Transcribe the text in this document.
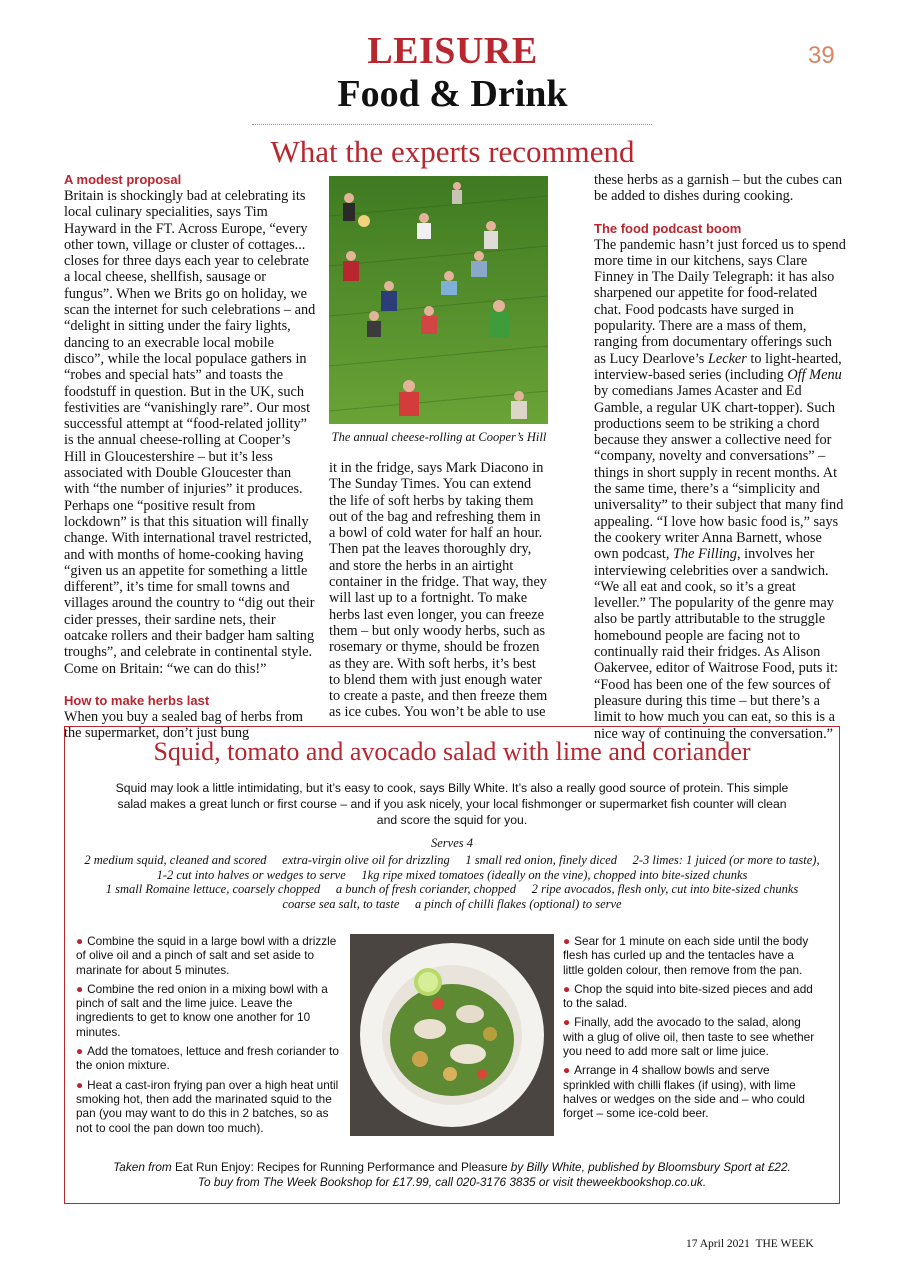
LEISURE
Food & Drink
39
What the experts recommend
A modest proposal

Britain is shockingly bad at celebrating its local culinary specialities, says Tim Hayward in the FT. Across Europe, “every other town, village or cluster of cottages... closes for three days each year to celebrate a local cheese, shellfish, sausage or fungus”. When we Brits go on holiday, we scan the internet for such celebrations – and “delight in sitting under the fairy lights, dancing to an execrable local mobile disco”, while the local populace gathers in “robes and special hats” and toasts the foodstuff in question. But in the UK, such festivities are “vanishingly rare”. Our most successful attempt at “food-related jollity” is the annual cheese-rolling at Cooper’s Hill in Gloucestershire – but it’s less associated with Double Gloucester than with “the number of injuries” it produces. Perhaps one “positive result from lockdown” is that this situation will finally change. With international travel restricted, and with months of home-cooking having “given us an appetite for something a little different”, it’s time for small towns and villages around the country to “dig out their cider presses, their sardine nets, their oatcake rollers and their badger ham salting troughs”, and celebrate in continental style. Come on Britain: “we can do this!”

How to make herbs last

When you buy a sealed bag of herbs from the supermarket, don’t just bung

The annual cheese-rolling at Cooper’s Hill

it in the fridge, says Mark Diacono in The Sunday Times. You can extend the life of soft herbs by taking them out of the bag and refreshing them in a bowl of cold water for half an hour. Then pat the leaves thoroughly dry, and store the herbs in an airtight container in the fridge. That way, they will last up to a fortnight. To make herbs last even longer, you can freeze them – but only woody herbs, such as rosemary or thyme, should be frozen as they are. With soft herbs, it’s best to blend them with just enough water to create a paste, and then freeze them as ice cubes. You won’t be able to use

these herbs as a garnish – but the cubes can be added to dishes during cooking.

The food podcast boom

The pandemic hasn’t just forced us to spend more time in our kitchens, says Clare Finney in The Daily Telegraph: it has also sharpened our appetite for food-related chat. Food podcasts have surged in popularity. There are a mass of them, ranging from documentary offerings such as Lucy Dearlove’s Lecker to light-hearted, interview-based series (including Off Menu by comedians James Acaster and Ed Gamble, a regular UK chart-topper). Such productions seem to be striking a chord because they answer a collective need for “company, novelty and conversations” – things in short supply in recent months. At the same time, there’s a “simplicity and universality” to their subject that many find appealing. “I love how basic food is,” says the cookery writer Anna Barnett, whose own podcast, The Filling, involves her interviewing celebrities over a sandwich. “We all eat and cook, so it’s a great leveller.” The popularity of the genre may also be partly attributable to the struggle homebound people are facing not to continually raid their fridges. As Alison Oakervee, editor of Waitrose Food, puts it: “Food has been one of the few sources of pleasure during this time – but there’s a limit to how much you can eat, so this is a nice way of continuing the conversation.”

Squid, tomato and avocado salad with lime and coriander
Squid may look a little intimidating, but it’s easy to cook, says Billy White. It’s also a really good source of protein. This simple salad makes a great lunch or first course – and if you ask nicely, your local fishmonger or supermarket fish counter will clean and score the squid for you.
Serves 4
2 medium squid, cleaned and scored extra-virgin olive oil for drizzling 1 small red onion, finely diced 2-3 limes: 1 juiced (or more to taste), 1-2 cut into halves or wedges to serve 1kg ripe mixed tomatoes (ideally on the vine), chopped into bite-sized chunks 1 small Romaine lettuce, coarsely chopped a bunch of fresh coriander, chopped 2 ripe avocados, flesh only, cut into bite-sized chunks coarse sea salt, to taste a pinch of chilli flakes (optional) to serve

● Combine the squid in a large bowl with a drizzle of olive oil and a pinch of salt and set aside to marinate for about 5 minutes.

● Combine the red onion in a mixing bowl with a pinch of salt and the lime juice. Leave the ingredients to get to know one another for 10 minutes.

● Add the tomatoes, lettuce and fresh coriander to the onion mixture.

● Heat a cast-iron frying pan over a high heat until smoking hot, then add the marinated squid to the pan (you may want to do this in 2 batches, so as not to cool the pan down too much).

● Sear for 1 minute on each side until the body flesh has curled up and the tentacles have a little golden colour, then remove from the pan.

● Chop the squid into bite-sized pieces and add to the salad.

● Finally, add the avocado to the salad, along with a glug of olive oil, then taste to see whether you need to add more salt or lime juice.

● Arrange in 4 shallow bowls and serve sprinkled with chilli flakes (if using), with lime halves or wedges on the side and – who could forget – some ice-cold beer.

Taken from Eat Run Enjoy: Recipes for Running Performance and Pleasure by Billy White, published by Bloomsbury Sport at £22.
To buy from The Week Bookshop for £17.99, call 020-3176 3835 or visit theweekbookshop.co.uk.
17 April 2021 THE WEEK
